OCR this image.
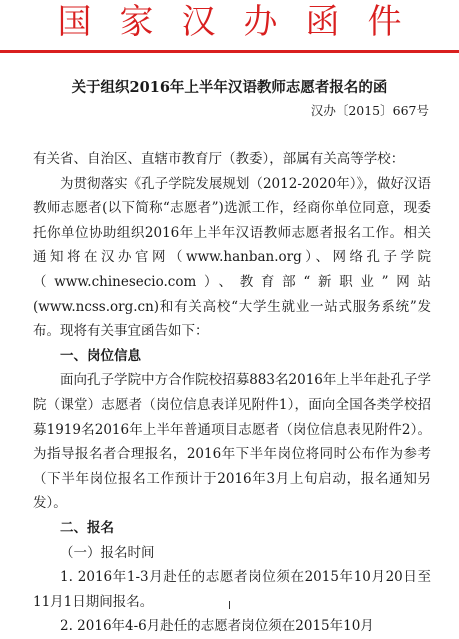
国家汉办函件
关于组织2016年上半年汉语教师志愿者报名的函
汉办〔2015〕667号

有关省、自治区、直辖市教育厅（教委），部属有关高等学校：

为贯彻落实《孔子学院发展规划（2012-2020年）》，做好汉语教师志愿者(以下简称“志愿者”)选派工作，经商你单位同意，现委托你单位协助组织2016年上半年汉语教师志愿者报名工作。相关通知将在汉办官网（www.hanban.org）、网络孔子学院（www.chinesecio.com）、教育部“新职业”网站(www.ncss.org.cn)和有关高校“大学生就业一站式服务系统”发布。现将有关事宜函告如下：

一、岗位信息

面向孔子学院中方合作院校招募883名2016年上半年赴孔子学院（课堂）志愿者（岗位信息表详见附件1），面向全国各类学校招募1919名2016年上半年普通项目志愿者（岗位信息表见附件2）。为指导报名者合理报名，2016年下半年岗位将同时公布作为参考（下半年岗位报名工作预计于2016年3月上旬启动，报名通知另发）。

二、报名

（一）报名时间

1. 2016年1-3月赴任的志愿者岗位须在2015年10月20日至11月1日期间报名。

2. 2016年4-6月赴任的志愿者岗位须在2015年10月
